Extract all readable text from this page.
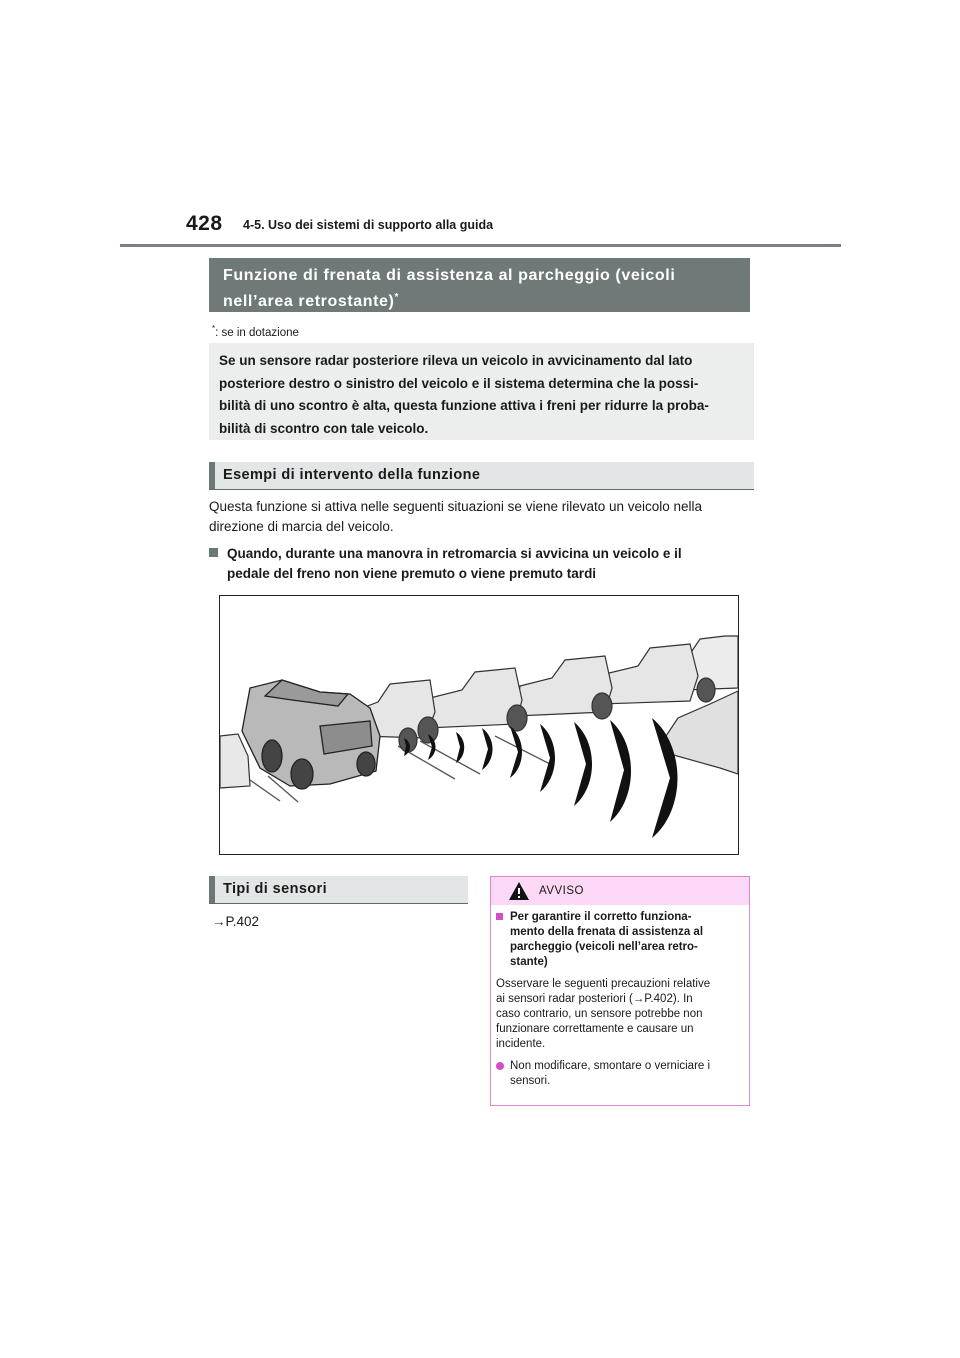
428 4-5. Uso dei sistemi di supporto alla guida
Funzione di frenata di assistenza al parcheggio (veicoli
nell’area retrostante)*
*: se in dotazione
Se un sensore radar posteriore rileva un veicolo in avvicinamento dal lato
posteriore destro o sinistro del veicolo e il sistema determina che la possi-
bilità di uno scontro è alta, questa funzione attiva i freni per ridurre la proba-
bilità di scontro con tale veicolo.
Esempi di intervento della funzione
Questa funzione si attiva nelle seguenti situazioni se viene rilevato un veicolo nella
direzione di marcia del veicolo.
Quando, durante una manovra in retromarcia si avvicina un veicolo e il
pedale del freno non viene premuto o viene premuto tardi
Tipi di sensori
→P.402
AVVISO
Per garantire il corretto funziona-
mento della frenata di assistenza al
parcheggio (veicoli nell’area retro-
stante)
Osservare le seguenti precauzioni relative
ai sensori radar posteriori (→P.402). In
caso contrario, un sensore potrebbe non
funzionare correttamente e causare un
incidente.
Non modificare, smontare o verniciare i
sensori.
